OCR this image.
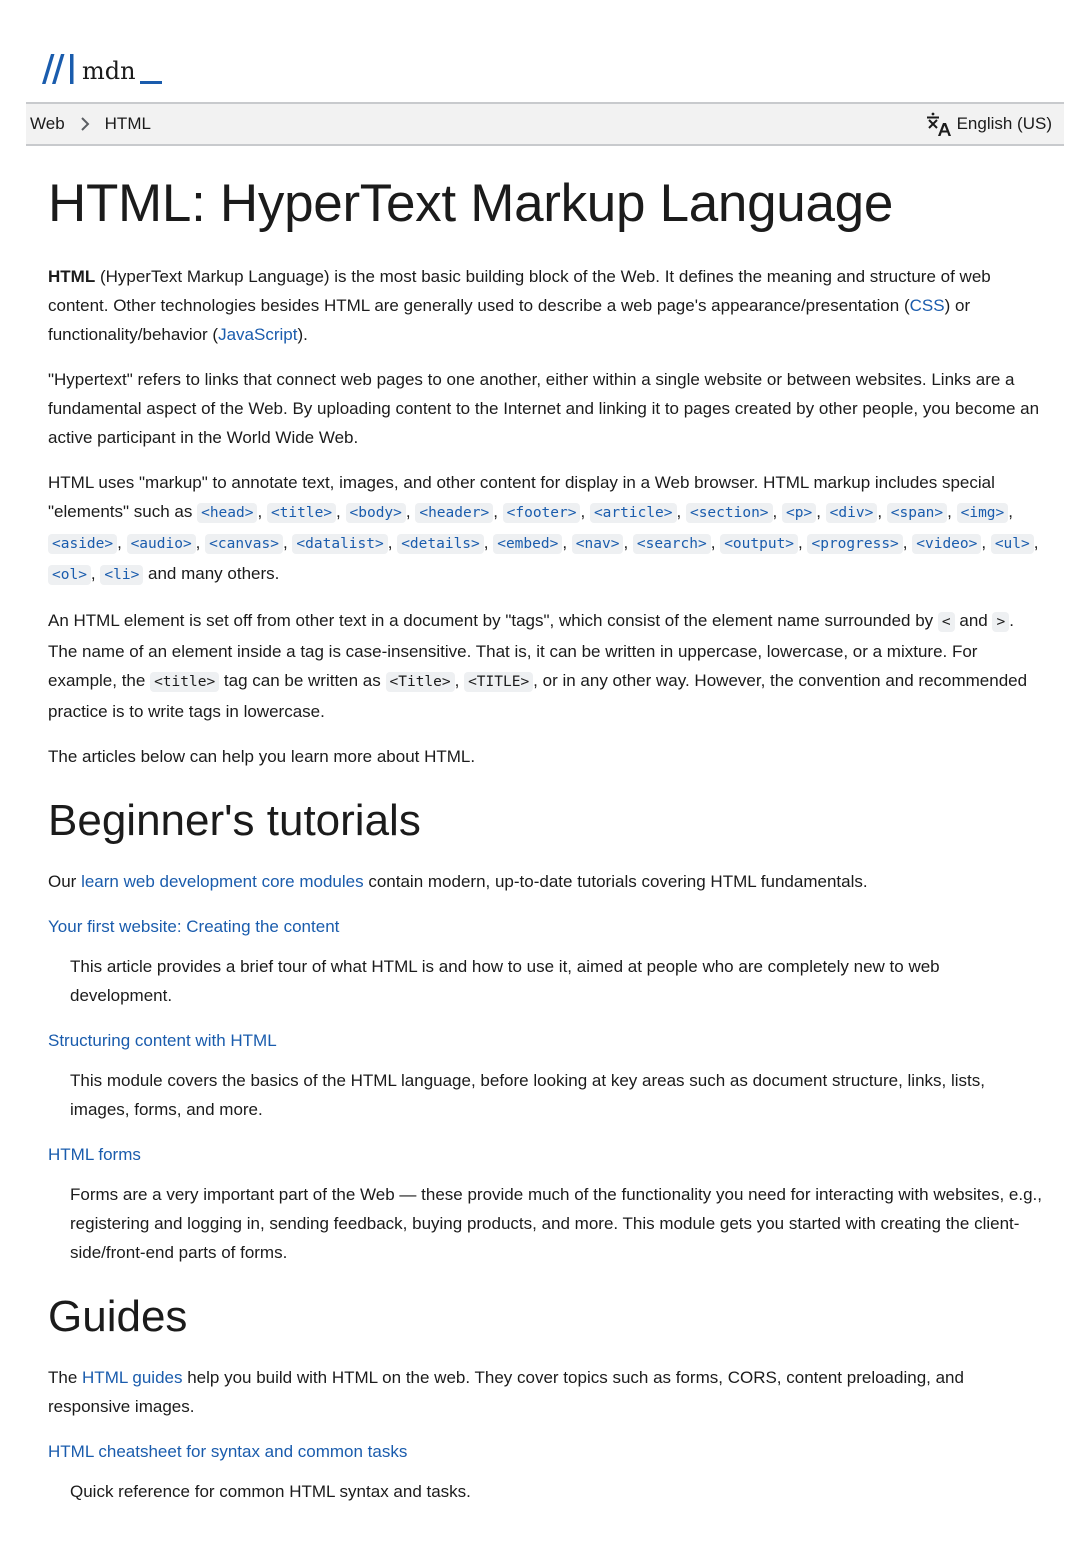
mdn
Web HTML	English (US)
HTML: HyperText Markup Language

HTML (HyperText Markup Language) is the most basic building block of the Web. It defines the meaning and structure of web content. Other technologies besides HTML are generally used to describe a web page's appearance/presentation (CSS) or functionality/behavior (JavaScript).

"Hypertext" refers to links that connect web pages to one another, either within a single website or between websites. Links are a fundamental aspect of the Web. By uploading content to the Internet and linking it to pages created by other people, you become an active participant in the World Wide Web.

HTML uses "markup" to annotate text, images, and other content for display in a Web browser. HTML markup includes special "elements" such as <head> , <title> , <body> , <header> , <footer> , <article> , <section> , <p> , <div> , <span> , <img> , <aside> , <audio> , <canvas> , <datalist> , <details> , <embed> , <nav> , <search> , <output> , <progress> , <video> , <ul> , <ol> , <li> and many others.

An HTML element is set off from other text in a document by "tags", which consist of the element name surrounded by < and > . The name of an element inside a tag is case-insensitive. That is, it can be written in uppercase, lowercase, or a mixture. For example, the <title> tag can be written as <Title> , <TITLE> , or in any other way. However, the convention and recommended practice is to write tags in lowercase.

The articles below can help you learn more about HTML.

Beginner's tutorials

Our learn web development core modules contain modern, up-to-date tutorials covering HTML fundamentals.

Your first website: Creating the content
This article provides a brief tour of what HTML is and how to use it, aimed at people who are completely new to web development.
Structuring content with HTML
This module covers the basics of the HTML language, before looking at key areas such as document structure, links, lists, images, forms, and more.
HTML forms
Forms are a very important part of the Web — these provide much of the functionality you need for interacting with websites, e.g., registering and logging in, sending feedback, buying products, and more. This module gets you started with creating the client-side/front-end parts of forms.
Guides

The HTML guides help you build with HTML on the web. They cover topics such as forms, CORS, content preloading, and responsive images.

HTML cheatsheet for syntax and common tasks
Quick reference for common HTML syntax and tasks.
